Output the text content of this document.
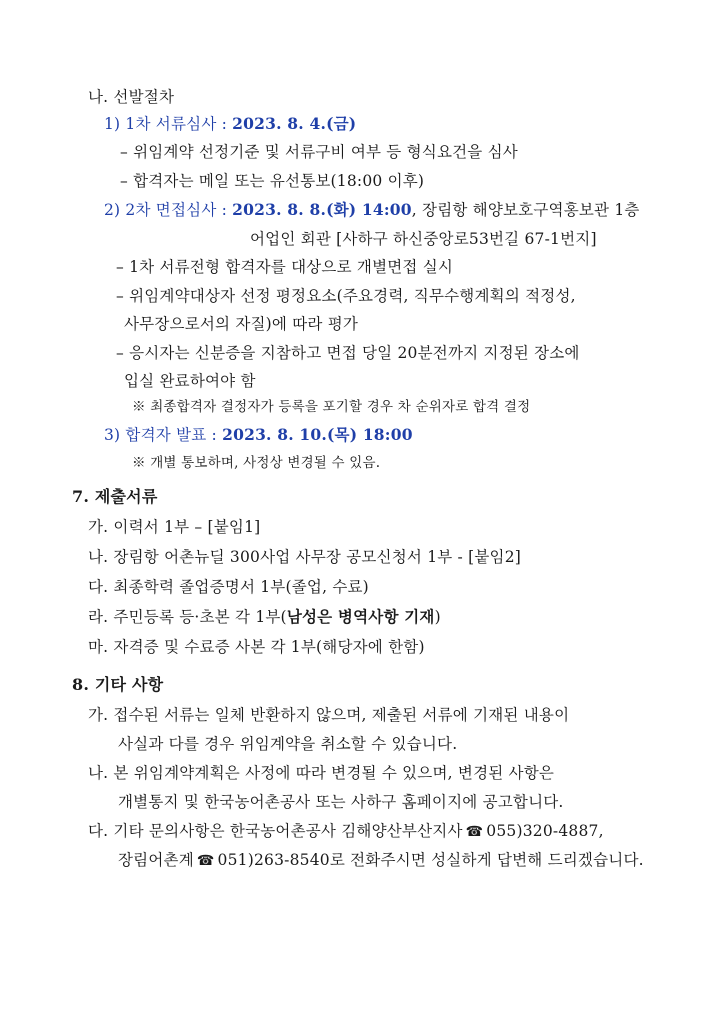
나. 선발절차
1) 1차 서류심사 : 2023. 8. 4.(금)
– 위임계약 선정기준 및 서류구비 여부 등 형식요건을 심사
– 합격자는 메일 또는 유선통보(18:00 이후)
2) 2차 면접심사 : 2023. 8. 8.(화) 14:00, 장림항 해양보호구역홍보관 1층
어업인 회관 [사하구 하신중앙로53번길 67-1번지]
– 1차 서류전형 합격자를 대상으로 개별면접 실시
– 위임계약대상자 선정 평정요소(주요경력, 직무수행계획의 적정성,
사무장으로서의 자질)에 따라 평가
– 응시자는 신분증을 지참하고 면접 당일 20분전까지 지정된 장소에
입실 완료하여야 함
※ 최종합격자 결정자가 등록을 포기할 경우 차 순위자로 합격 결정
3) 합격자 발표 : 2023. 8. 10.(목) 18:00
※ 개별 통보하며, 사정상 변경될 수 있음.
7. 제출서류
가. 이력서 1부 – [붙임1]
나. 장림항 어촌뉴딜 300사업 사무장 공모신청서 1부 - [붙임2]
다. 최종학력 졸업증명서 1부(졸업, 수료)
라. 주민등록 등·초본 각 1부(남성은 병역사항 기재)
마. 자격증 및 수료증 사본 각 1부(해당자에 한함)
8. 기타 사항
가. 접수된 서류는 일체 반환하지 않으며, 제출된 서류에 기재된 내용이
사실과 다를 경우 위임계약을 취소할 수 있습니다.
나. 본 위임계약계획은 사정에 따라 변경될 수 있으며, 변경된 사항은
개별통지 및 한국농어촌공사 또는 사하구 홈페이지에 공고합니다.
다. 기타 문의사항은 한국농어촌공사 김해양산부산지사 ☎ 055)320-4887,
장림어촌계 ☎ 051)263-8540로 전화주시면 성실하게 답변해 드리겠습니다.
